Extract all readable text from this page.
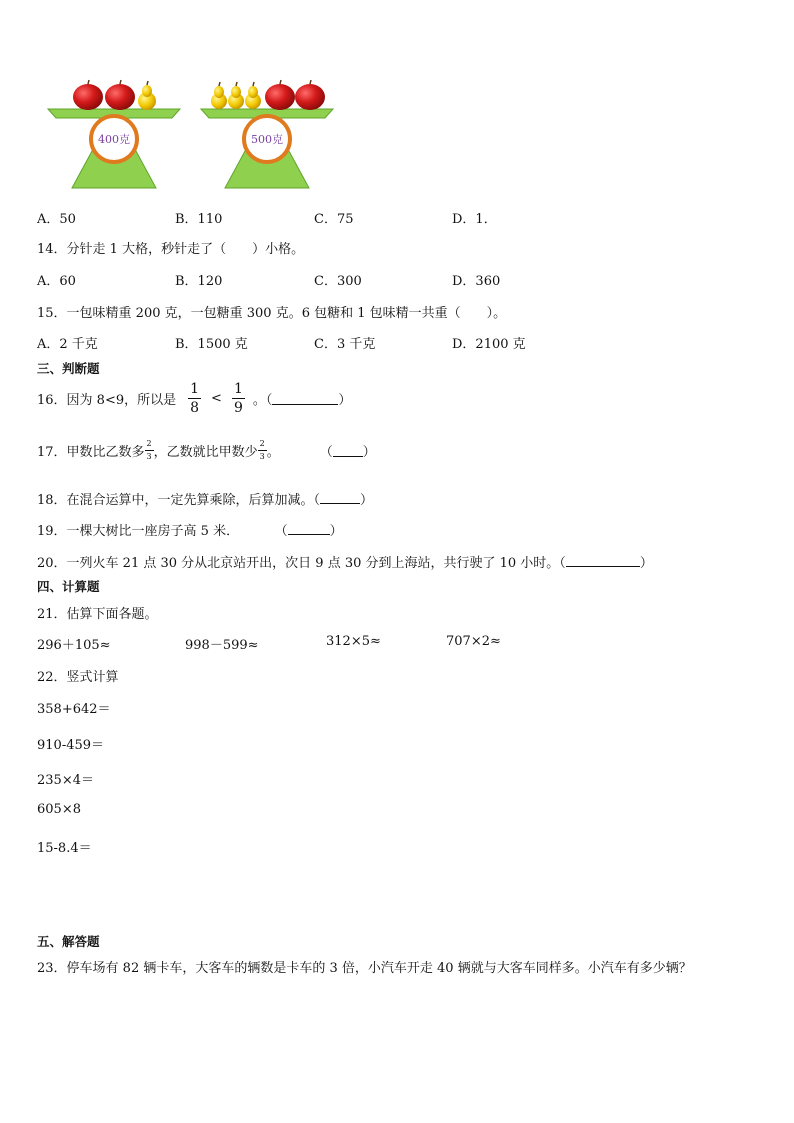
400克	500克
A．50	B．110	C．75	D．1．
14．分针走 1 大格，秒针走了（　　）小格。
A．60	B．120	C．300	D．360
15．一包味精重 200 克，一包糖重 300 克。6 包糖和 1 包味精一共重（　　）。
A．2 千克	B．1500 克	C．3 千克	D．2100 克
三、判断题
16．因为 8<9，所以是 $\frac{1}{8} < \frac{1}{9}$ 。（	）
17．甲数比乙数多 $\frac{2}{3}$ ，乙数就比甲数少 $\frac{2}{3}$ 。	（ ）
18．在混合运算中，一定先算乘除，后算加减。（	）
19．一棵大树比一座房子高 5 米．	（	）
20．一列火车 21 点 30 分从北京站开出，次日 9 点 30 分到上海站，共行驶了 10 小时。（	）
四、计算题
21．估算下面各题。
296＋105≈	998－599≈	312×5≈	707×2≈
22．竖式计算
358+642＝
910-459＝
235×4＝
605×8
15-8.4＝
五、解答题
23．停车场有 82 辆卡车，大客车的辆数是卡车的 3 倍，小汽车开走 40 辆就与大客车同样多。小汽车有多少辆？
